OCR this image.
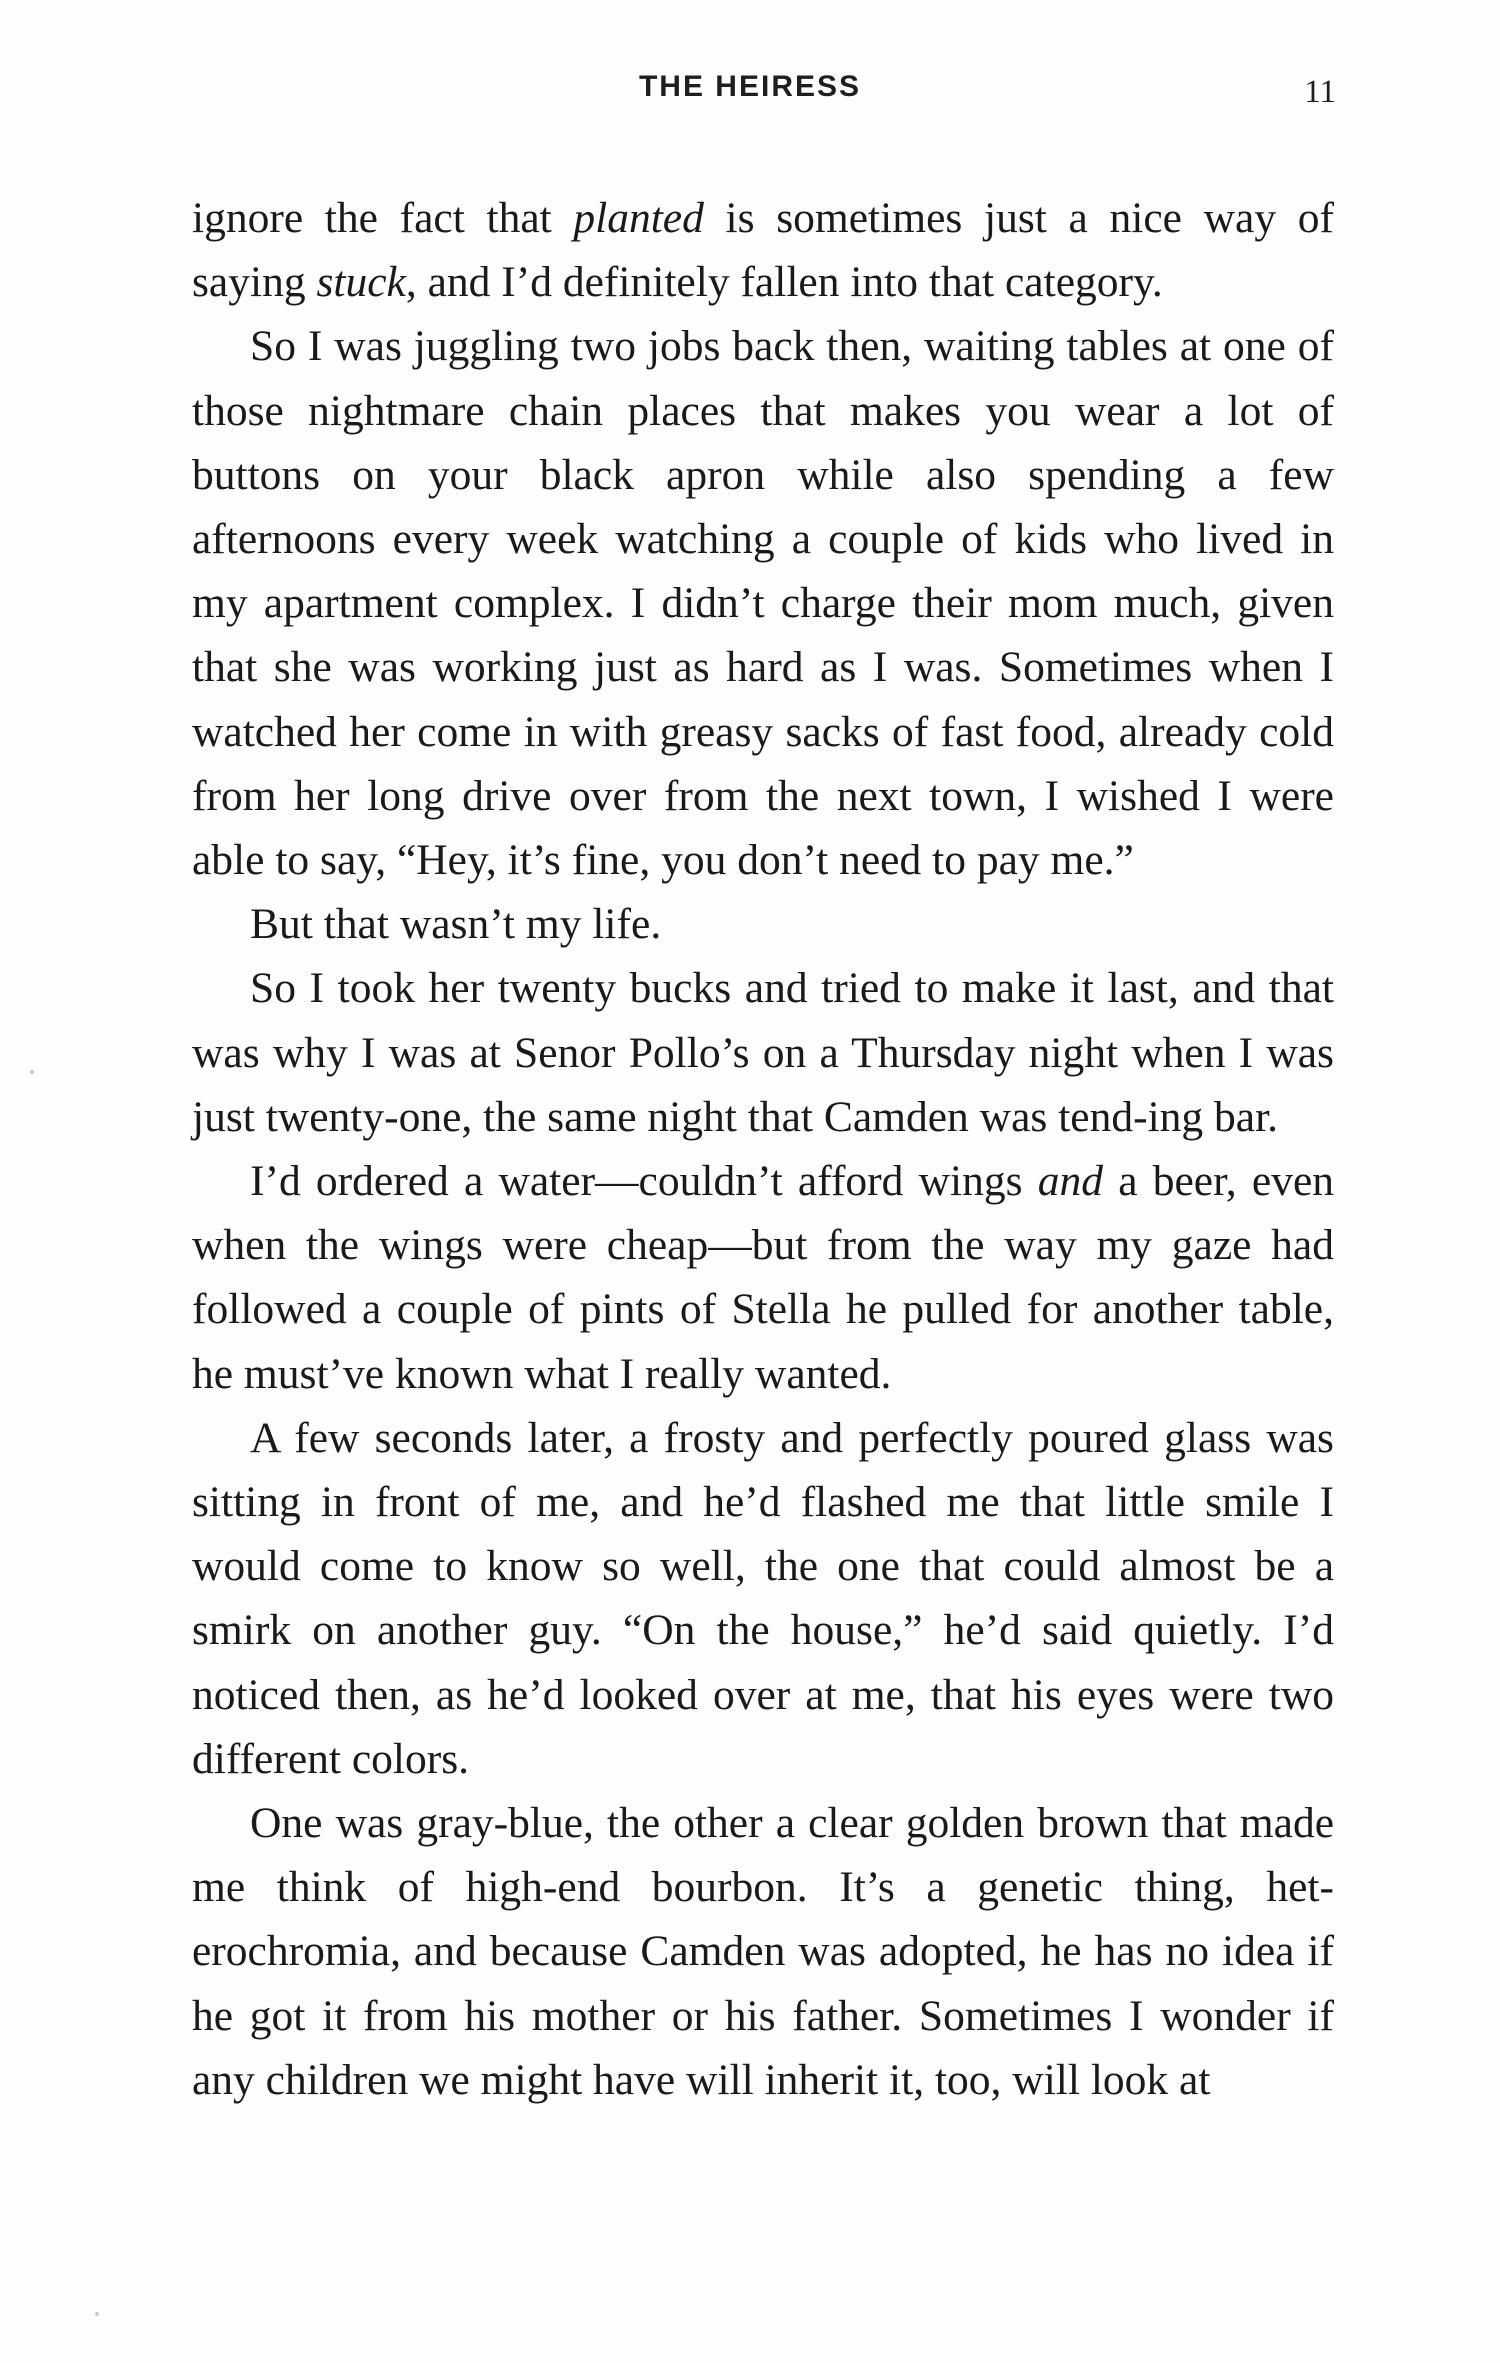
THE HEIRESS	11

ignore the fact that planted is sometimes just a nice way of saying stuck, and I’d definitely fallen into that category.

So I was juggling two jobs back then, waiting tables at one of those nightmare chain places that makes you wear a lot of buttons on your black apron while also spending a few afternoons every week watching a couple of kids who lived in my apartment complex. I didn’t charge their mom much, given that she was working just as hard as I was. Sometimes when I watched her come in with greasy sacks of fast food, already cold from her long drive over from the next town, I wished I were able to say, “Hey, it’s fine, you don’t need to pay me.”

But that wasn’t my life.

So I took her twenty bucks and tried to make it last, and that was why I was at Senor Pollo’s on a Thursday night when I was just twenty-one, the same night that Camden was tend-ing bar.

I’d ordered a water—couldn’t afford wings and a beer, even when the wings were cheap—but from the way my gaze had followed a couple of pints of Stella he pulled for another table, he must’ve known what I really wanted.

A few seconds later, a frosty and perfectly poured glass was sitting in front of me, and he’d flashed me that little smile I would come to know so well, the one that could almost be a smirk on another guy. “On the house,” he’d said quietly. I’d noticed then, as he’d looked over at me, that his eyes were two different colors.

One was gray-blue, the other a clear golden brown that made me think of high-end bourbon. It’s a genetic thing, het-erochromia, and because Camden was adopted, he has no idea if he got it from his mother or his father. Sometimes I wonder if any children we might have will inherit it, too, will look at
